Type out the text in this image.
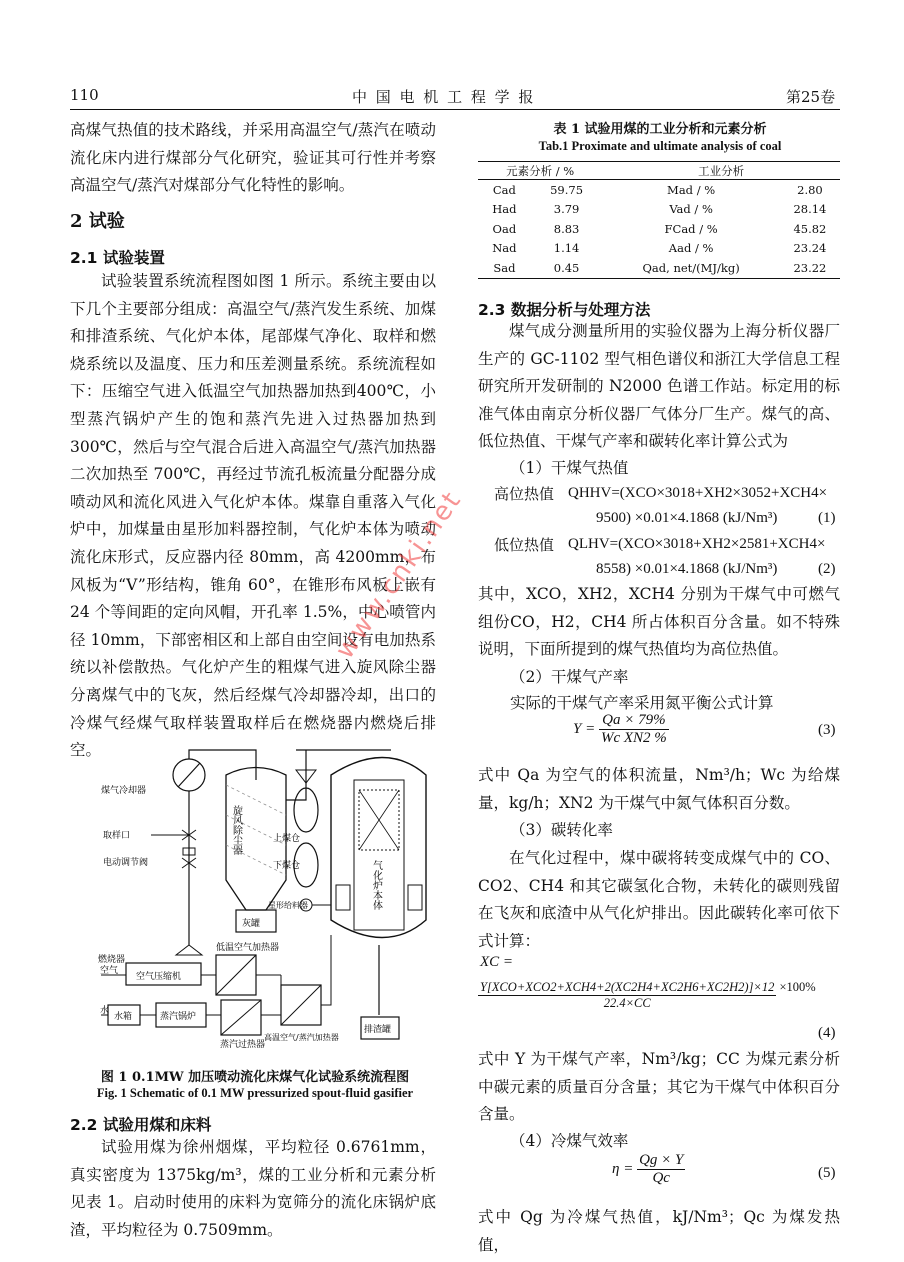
110	中 国 电 机 工 程 学 报	第25卷

高煤气热值的技术路线，并采用高温空气/蒸汽在喷动流化床内进行煤部分气化研究，验证其可行性并考察高温空气/蒸汽对煤部分气化特性的影响。

2 试验
2.1 试验装置

试验装置系统流程图如图 1 所示。系统主要由以下几个主要部分组成：高温空气/蒸汽发生系统、加煤和排渣系统、气化炉本体，尾部煤气净化、取样和燃烧系统以及温度、压力和压差测量系统。系统流程如下：压缩空气进入低温空气加热器加热到400℃，小型蒸汽锅炉产生的饱和蒸汽先进入过热器加热到 300℃，然后与空气混合后进入高温空气/蒸汽加热器二次加热至 700℃，再经过节流孔板流量分配器分成喷动风和流化风进入气化炉本体。煤靠自重落入气化炉中，加煤量由星形加料器控制，气化炉本体为喷动流化床形式，反应器内径 80mm，高 4200mm，布风板为“V”形结构，锥角 60°，在锥形布风板上嵌有 24 个等间距的定向风帽，开孔率 1.5%，中心喷管内径 10mm，下部密相区和上部自由空间设有电加热系统以补偿散热。气化炉产生的粗煤气进入旋风除尘器分离煤气中的飞灰，然后经煤气冷却器冷却，出口的冷煤气经煤气取样装置取样后在燃烧器内燃烧后排空。

煤气冷却器
取样口
电动调节阀
燃烧器
旋风除尘器
灰罐
上煤仓
下煤仓
星形给料器	气化炉本体
空气
空气压缩机
低温空气加热器
水
水箱	蒸汽锅炉
蒸汽过热器
高温空气/蒸汽加热器
排渣罐
图 1 0.1MW 加压喷动流化床煤气化试验系统流程图
Fig. 1 Schematic of 0.1 MW pressurized spout-fluid gasifier
2.2 试验用煤和床料

试验用煤为徐州烟煤，平均粒径 0.6761mm，真实密度为 1375kg/m³，煤的工业分析和元素分析见表 1。启动时使用的床料为宽筛分的流化床锅炉底渣，平均粒径为 0.7509mm。

表 1 试验用煤的工业分析和元素分析
Tab.1 Proximate and ultimate analysis of coal
元素分析 / %		工业分析	
Cad	59.75	Mad / %	2.80
Had	3.79	Vad / %	28.14
Oad	8.83	FCad / %	45.82
Nad	1.14	Aad / %	23.24
Sad	0.45	Qad, net/(MJ/kg)	23.22
2.3 数据分析与处理方法

煤气成分测量所用的实验仪器为上海分析仪器厂生产的 GC-1102 型气相色谱仪和浙江大学信息工程研究所开发研制的 N2000 色谱工作站。标定用的标准气体由南京分析仪器厂气体分厂生产。煤气的高、低位热值、干煤气产率和碳转化率计算公式为

（1）干煤气热值
高位热值 QHHV=(XCO×3018+XH2×3052+XCH4×
9500) ×0.01×4.1868 (kJ/Nm³)	(1)
低位热值 QLHV=(XCO×3018+XH2×2581+XCH4×
8558) ×0.01×4.1868 (kJ/Nm³)	(2)

其中，XCO，XH2，XCH4 分别为干煤气中可燃气组份CO，H2，CH4 所占体积百分含量。如不特殊说明，下面所提到的煤气热值均为高位热值。

（2）干煤气产率
实际的干煤气产率采用氮平衡公式计算
$Y = \frac{Qa \times 79\%}{\text{Wc XN2 \%}}$	(3)

式中 Qa 为空气的体积流量，Nm³/h；Wc 为给煤量，kg/h；XN2 为干煤气中氮气体积百分数。

（3）碳转化率

在气化过程中，煤中碳将转变成煤气中的 CO、CO2、CH4 和其它碳氢化合物，未转化的碳则残留在飞灰和底渣中从气化炉排出。因此碳转化率可依下式计算：

XC =
$\frac{\text{Y[XCO+XCO2+XCH4+2(XC2H4+XC2H6+XC2H2)]×12}}{22.4\times CC} \times 100\%$
(4)

式中 Y 为干煤气产率，Nm³/kg；CC 为煤元素分析中碳元素的质量百分含量；其它为干煤气中体积百分含量。

（4）冷煤气效率
$\eta = \frac{Qg \times Y}{Qc}$	(5)

式中 Qg 为冷煤气热值，kJ/Nm³；Qc 为煤发热值，

www.cnki.net
